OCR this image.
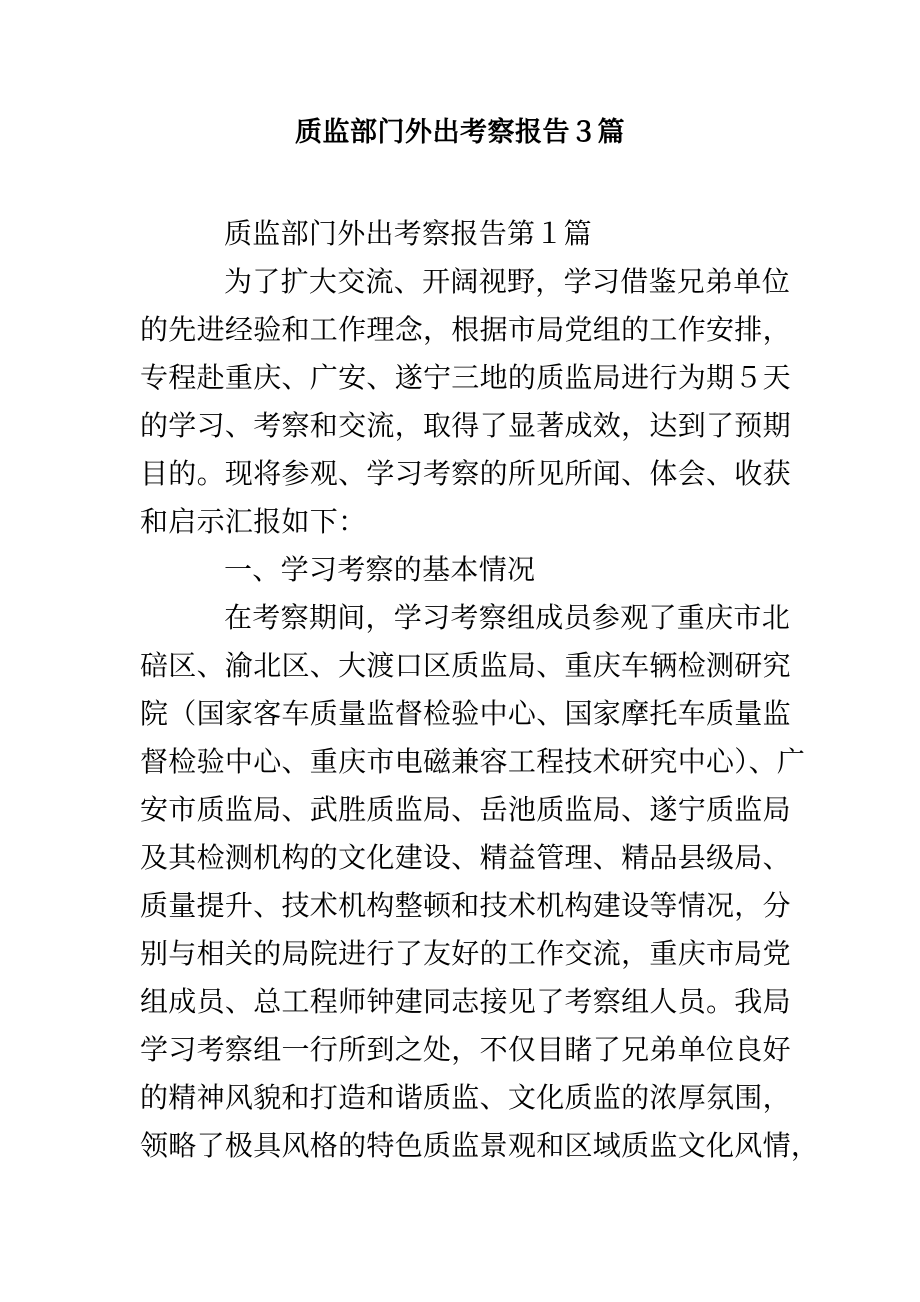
质监部门外出考察报告３篇
质监部门外出考察报告第１篇
为了扩大交流、开阔视野，学习借鉴兄弟单位
的先进经验和工作理念，根据市局党组的工作安排，
专程赴重庆、广安、遂宁三地的质监局进行为期５天
的学习、考察和交流，取得了显著成效，达到了预期
目的。现将参观、学习考察的所见所闻、体会、收获
和启示汇报如下：
一、学习考察的基本情况
在考察期间，学习考察组成员参观了重庆市北
碚区、渝北区、大渡口区质监局、重庆车辆检测研究
院（国家客车质量监督检验中心、国家摩托车质量监
督检验中心、重庆市电磁兼容工程技术研究中心）、广
安市质监局、武胜质监局、岳池质监局、遂宁质监局
及其检测机构的文化建设、精益管理、精品县级局、
质量提升、技术机构整顿和技术机构建设等情况，分
别与相关的局院进行了友好的工作交流，重庆市局党
组成员、总工程师钟建同志接见了考察组人员。我局
学习考察组一行所到之处，不仅目睹了兄弟单位良好
的精神风貌和打造和谐质监、文化质监的浓厚氛围，
领略了极具风格的特色质监景观和区域质监文化风情，
